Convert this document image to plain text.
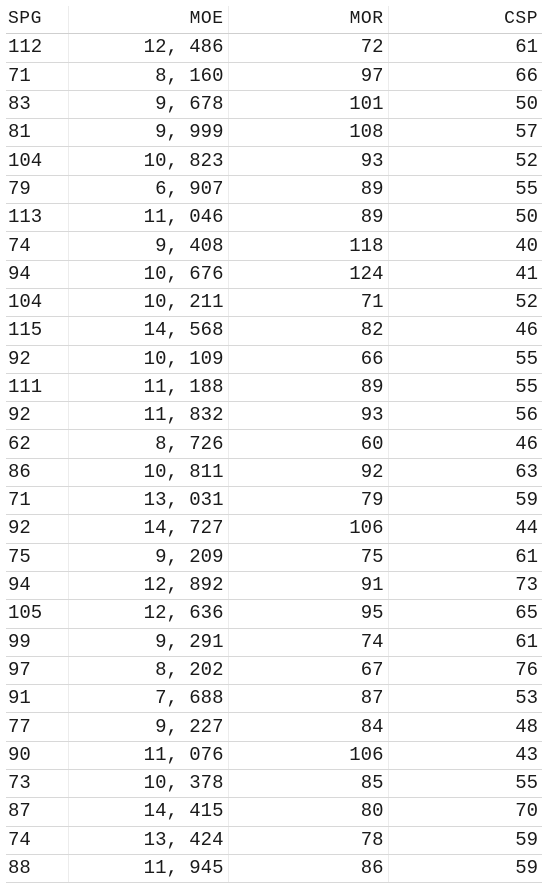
SPG	MOE	MOR	CSP
112	12, 486	72	61
71	8, 160	97	66
83	9, 678	101	50
81	9, 999	108	57
104	10, 823	93	52
79	6, 907	89	55
113	11, 046	89	50
74	9, 408	118	40
94	10, 676	124	41
104	10, 211	71	52
115	14, 568	82	46
92	10, 109	66	55
111	11, 188	89	55
92	11, 832	93	56
62	8, 726	60	46
86	10, 811	92	63
71	13, 031	79	59
92	14, 727	106	44
75	9, 209	75	61
94	12, 892	91	73
105	12, 636	95	65
99	9, 291	74	61
97	8, 202	67	76
91	7, 688	87	53
77	9, 227	84	48
90	11, 076	106	43
73	10, 378	85	55
87	14, 415	80	70
74	13, 424	78	59
88	11, 945	86	59
